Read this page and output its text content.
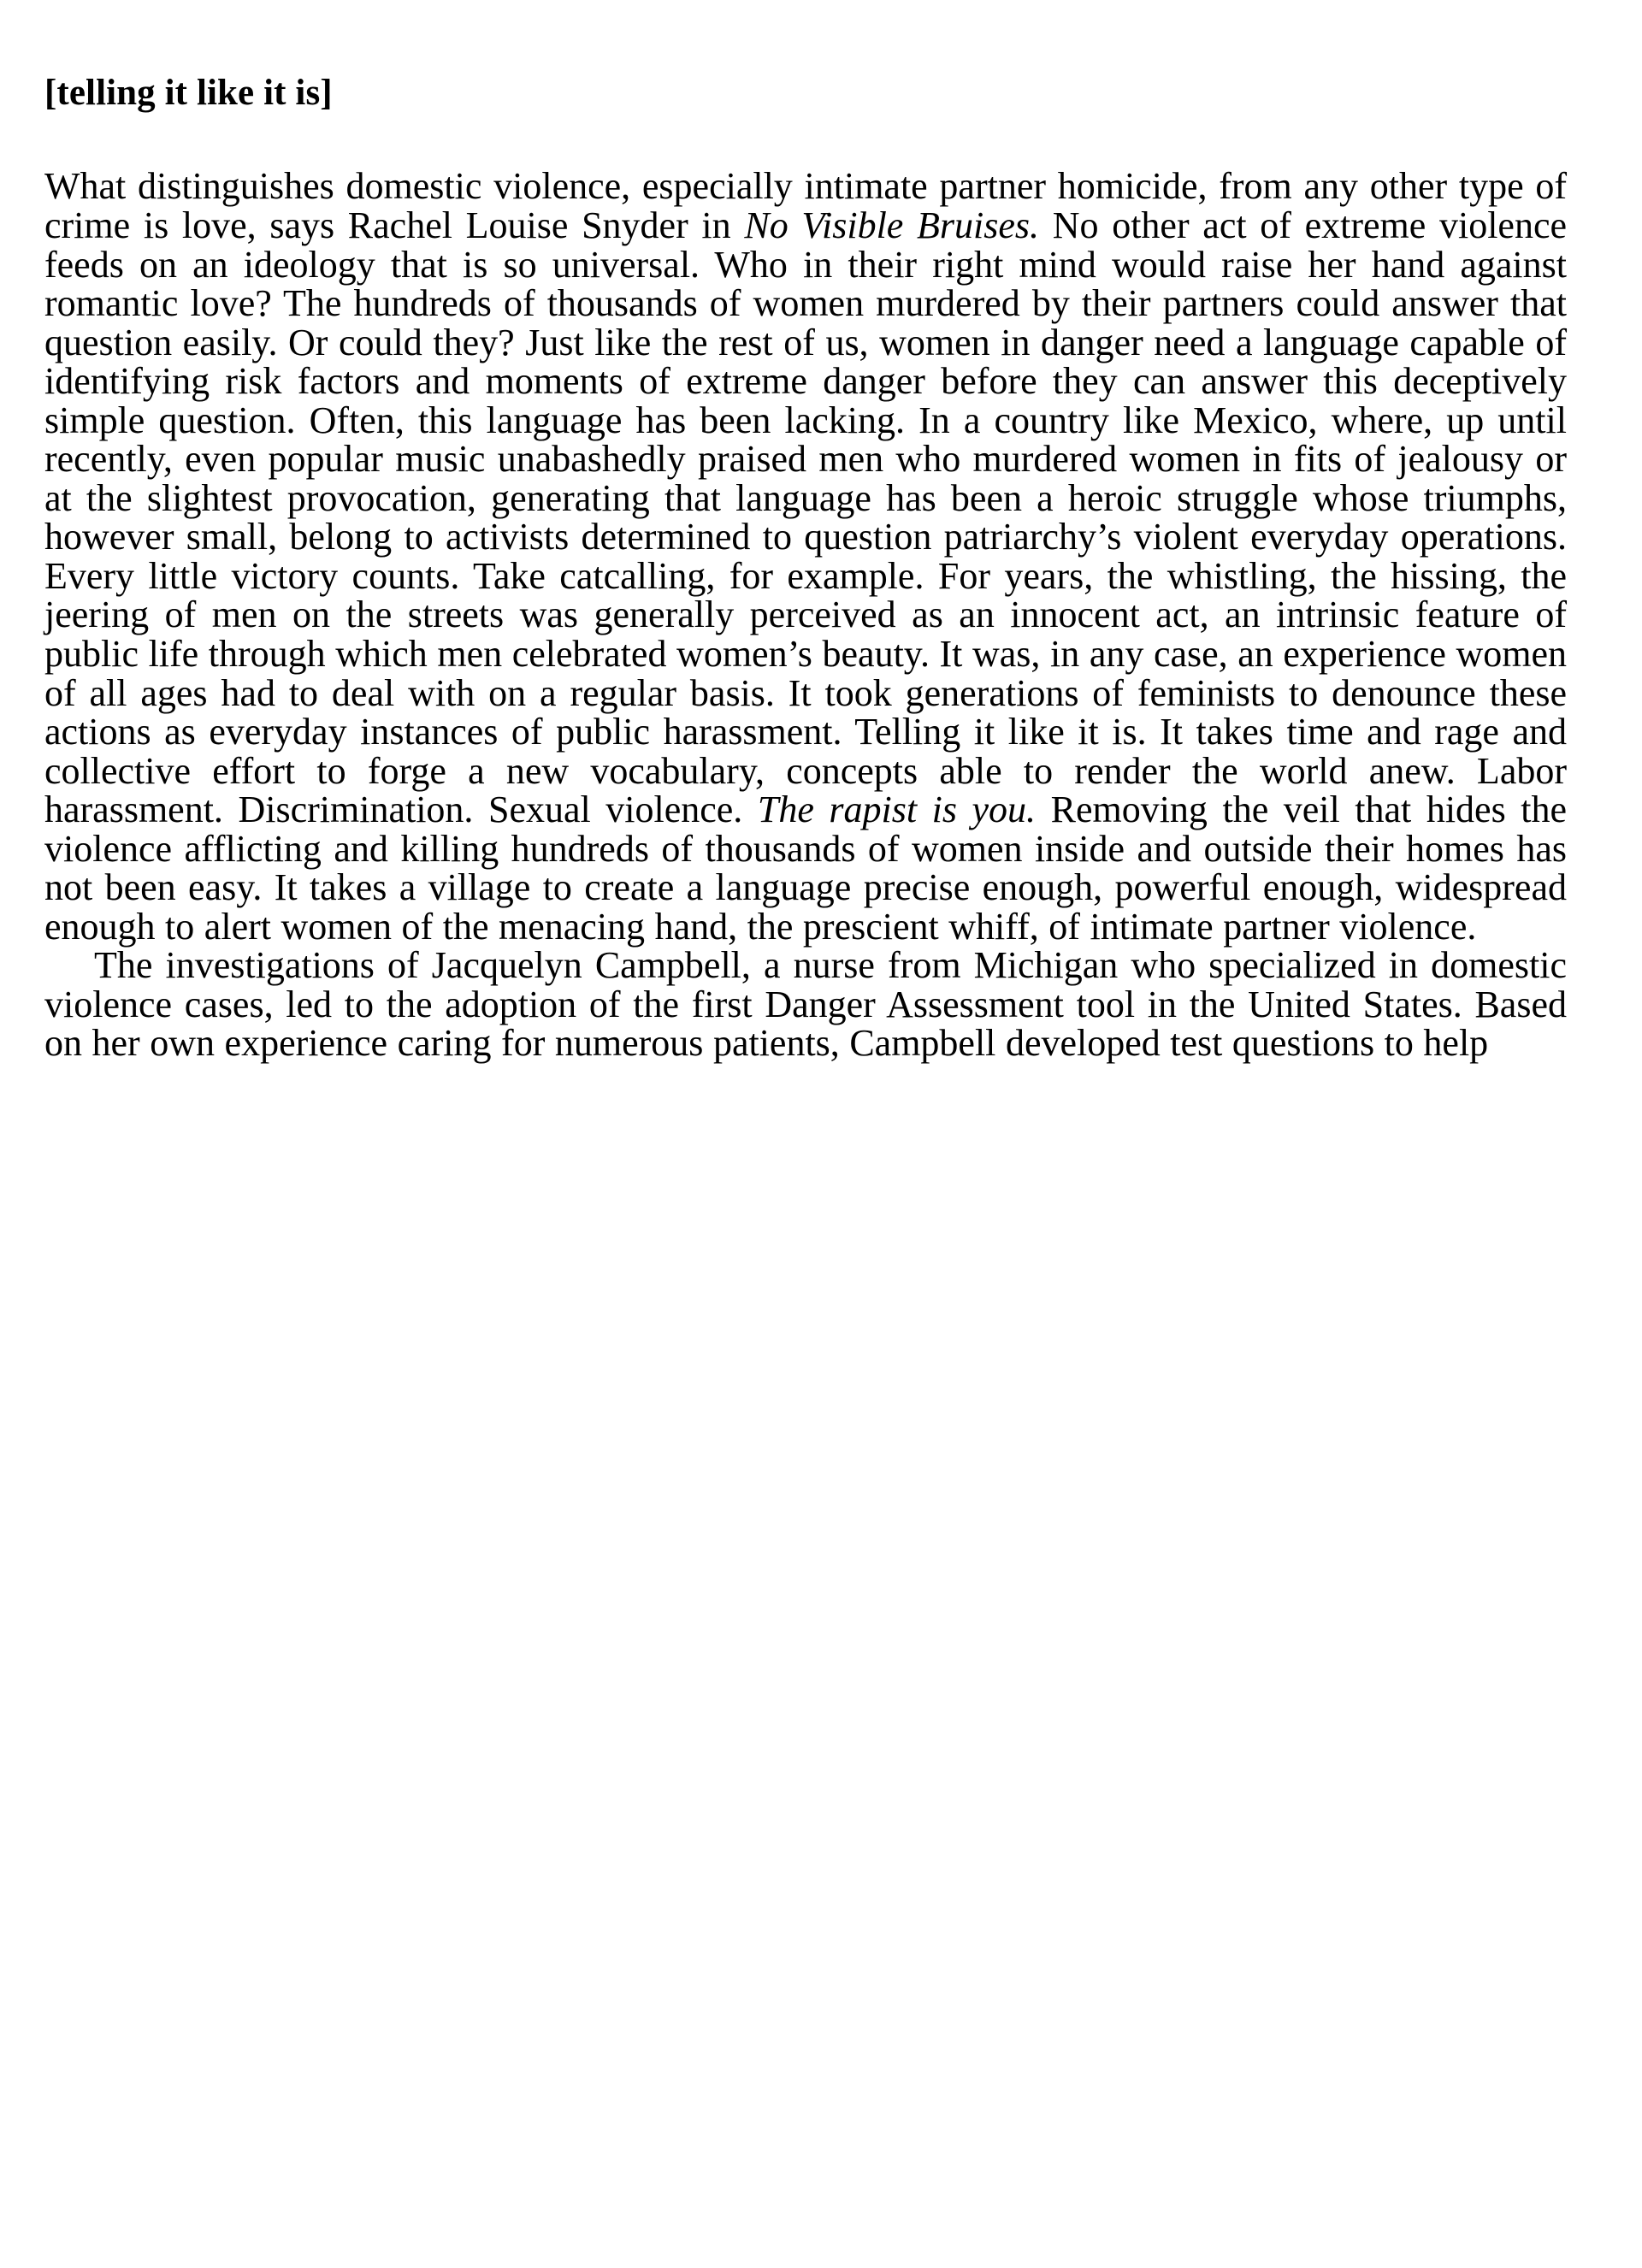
[telling it like it is]

What distinguishes domestic violence, especially intimate partner homicide, from any other type of crime is love, says Rachel Louise Snyder in No Visible Bruises. No other act of extreme violence feeds on an ideology that is so universal. Who in their right mind would raise her hand against romantic love? The hundreds of thousands of women murdered by their partners could answer that question easily. Or could they? Just like the rest of us, women in danger need a language capable of identifying risk factors and moments of extreme danger before they can answer this deceptively simple question. Often, this language has been lacking. In a country like Mexico, where, up until recently, even popular music unabashedly praised men who murdered women in fits of jealousy or at the slightest provocation, generating that language has been a heroic struggle whose triumphs, however small, belong to activists determined to question patriarchy’s violent everyday operations. Every little victory counts. Take catcalling, for example. For years, the whistling, the hissing, the jeering of men on the streets was generally perceived as an innocent act, an intrinsic feature of public life through which men celebrated women’s beauty. It was, in any case, an experience women of all ages had to deal with on a regular basis. It took generations of feminists to denounce these actions as everyday instances of public harassment. Telling it like it is. It takes time and rage and collective effort to forge a new vocabulary, concepts able to render the world anew. Labor harassment. Discrimination. Sexual violence. The rapist is you. Removing the veil that hides the violence afflicting and killing hundreds of thousands of women inside and outside their homes has not been easy. It takes a village to create a language precise enough, powerful enough, widespread enough to alert women of the menacing hand, the prescient whiff, of intimate partner violence.

The investigations of Jacquelyn Campbell, a nurse from Michigan who specialized in domestic violence cases, led to the adoption of the first Danger Assessment tool in the United States. Based on her own experience caring for numerous patients, Campbell developed test questions to help
